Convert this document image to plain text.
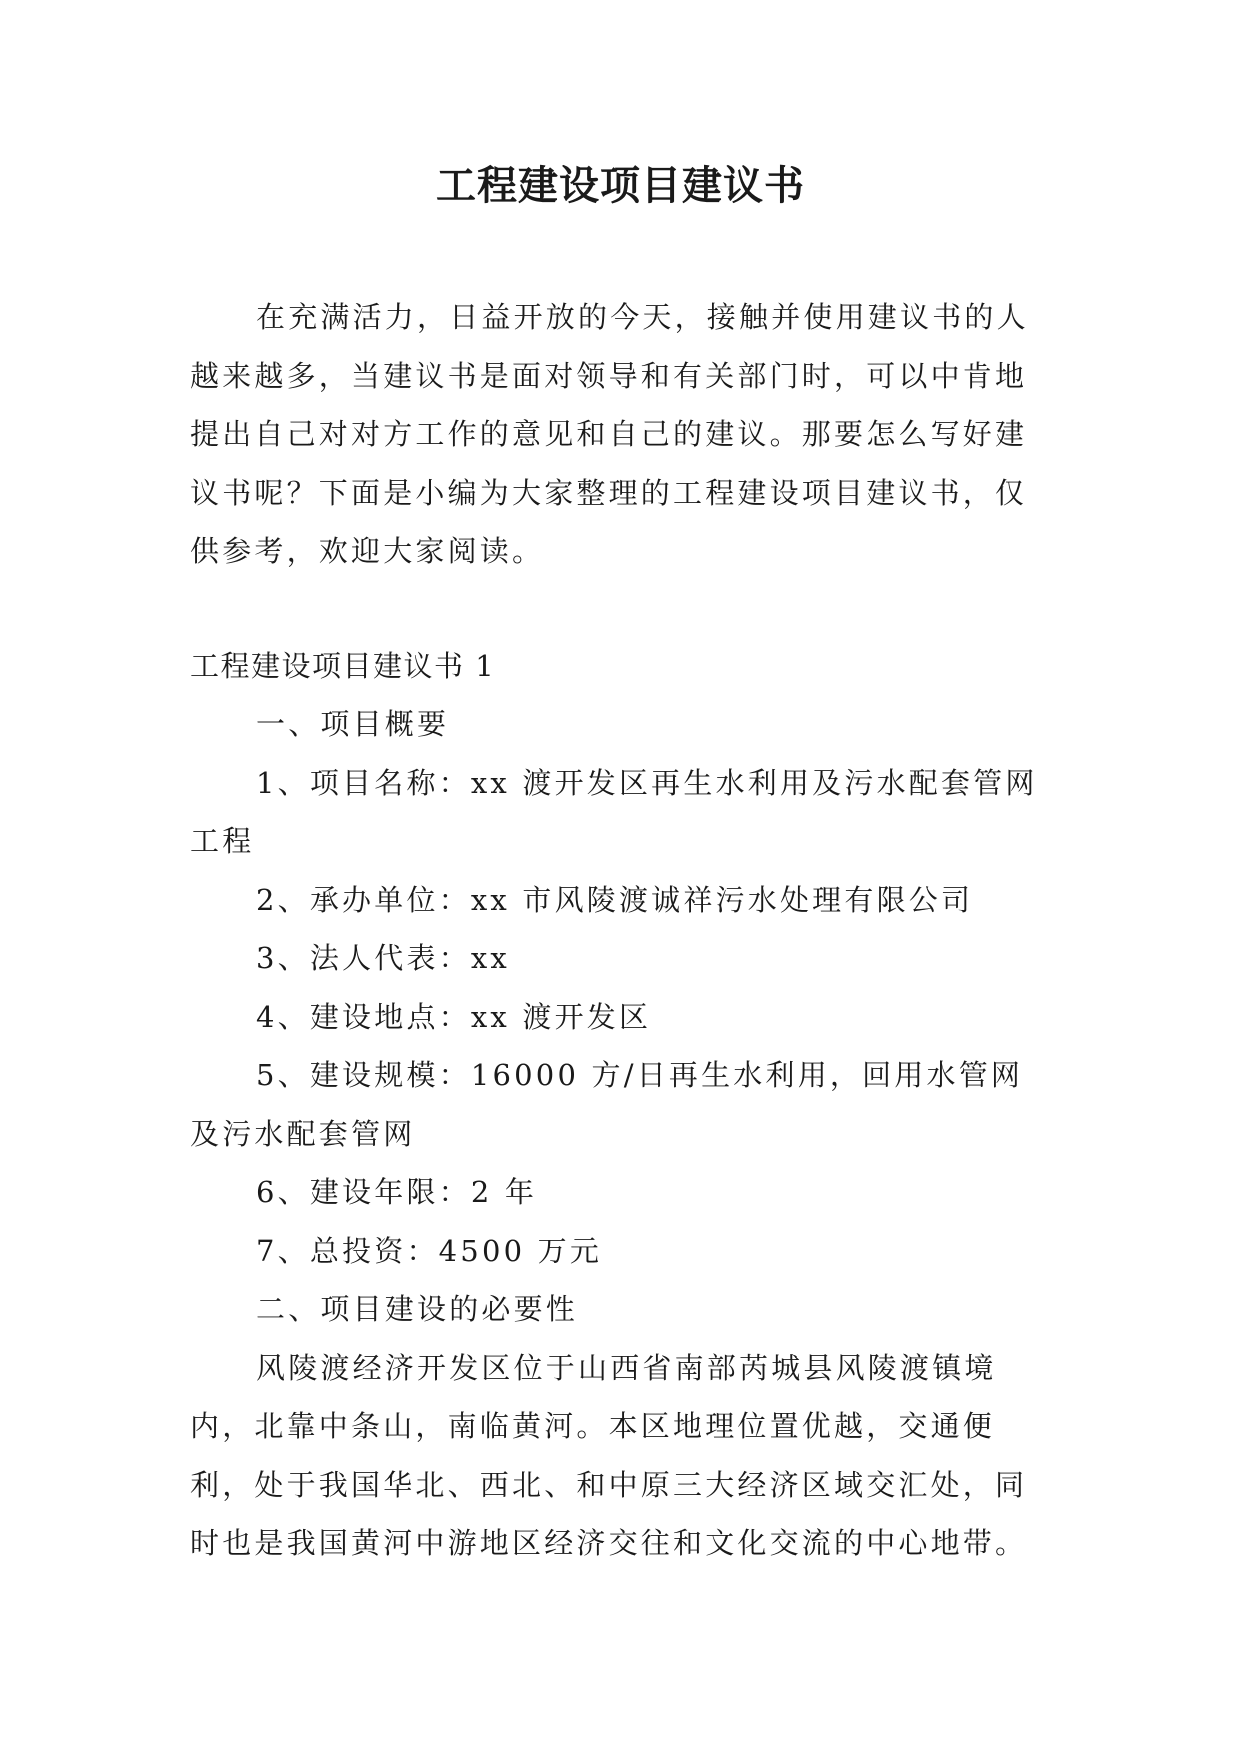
工程建设项目建议书

在充满活力，日益开放的今天，接触并使用建议书的人越来越多，当建议书是面对领导和有关部门时，可以中肯地提出自己对对方工作的意见和自己的建议。那要怎么写好建议书呢？下面是小编为大家整理的工程建设项目建议书，仅供参考，欢迎大家阅读。

工程建设项目建议书 1

一、项目概要

1、项目名称：xx 渡开发区再生水利用及污水配套管网工程

2、承办单位：xx 市风陵渡诚祥污水处理有限公司

3、法人代表：xx

4、建设地点：xx 渡开发区

5、建设规模：16000 方/日再生水利用，回用水管网及污水配套管网

6、建设年限：2 年

7、总投资：4500 万元

二、项目建设的必要性

风陵渡经济开发区位于山西省南部芮城县风陵渡镇境内，北靠中条山，南临黄河。本区地理位置优越，交通便利，处于我国华北、西北、和中原三大经济区域交汇处，同时也是我国黄河中游地区经济交往和文化交流的中心地带。
